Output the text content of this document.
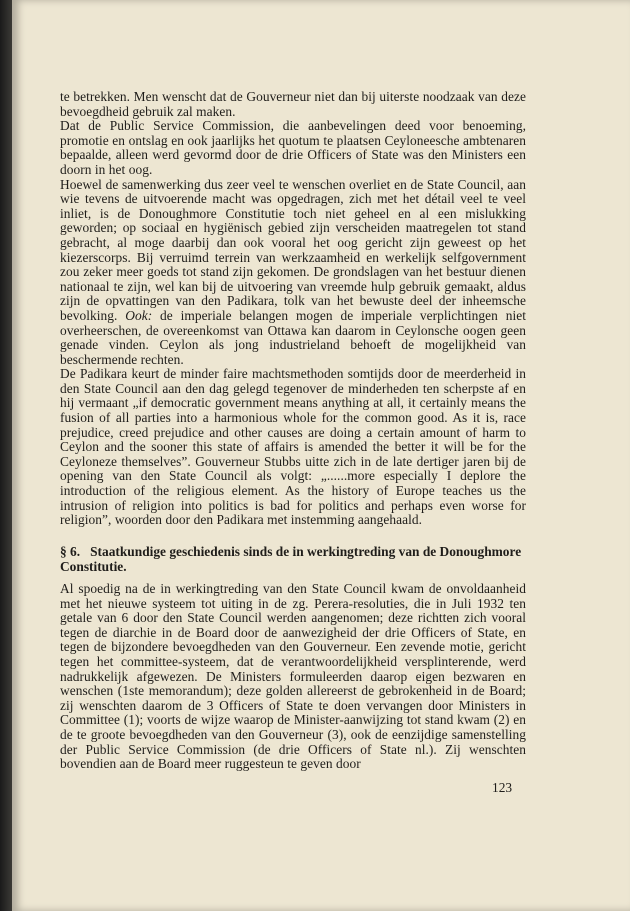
te betrekken. Men wenscht dat de Gouverneur niet dan bij uiterste noodzaak van deze bevoegdheid gebruik zal maken.

Dat de Public Service Commission, die aanbevelingen deed voor benoeming, promotie en ontslag en ook jaarlijks het quotum te plaatsen Ceyloneesche ambtenaren bepaalde, alleen werd gevormd door de drie Officers of State was den Ministers een doorn in het oog.

Hoewel de samenwerking dus zeer veel te wenschen overliet en de State Council, aan wie tevens de uitvoerende macht was opgedragen, zich met het détail veel te veel inliet, is de Donoughmore Constitutie toch niet geheel en al een mislukking geworden; op sociaal en hygiënisch gebied zijn verscheiden maatregelen tot stand gebracht, al moge daarbij dan ook vooral het oog gericht zijn geweest op het kiezerscorps. Bij verruimd terrein van werkzaamheid en werkelijk selfgovernment zou zeker meer goeds tot stand zijn gekomen. De grondslagen van het bestuur dienen nationaal te zijn, wel kan bij de uitvoering van vreemde hulp gebruik gemaakt, aldus zijn de opvattingen van den Padikara, tolk van het bewuste deel der inheemsche bevolking. Ook: de imperiale belangen mogen de imperiale verplichtingen niet overheerschen, de overeenkomst van Ottawa kan daarom in Ceylonsche oogen geen genade vinden. Ceylon als jong industrieland behoeft de mogelijkheid van beschermende rechten.

De Padikara keurt de minder faire machtsmethoden somtijds door de meerderheid in den State Council aan den dag gelegd tegenover de minderheden ten scherpste af en hij vermaant „if democratic government means anything at all, it certainly means the fusion of all parties into a harmonious whole for the common good. As it is, race prejudice, creed prejudice and other causes are doing a certain amount of harm to Ceylon and the sooner this state of affairs is amended the better it will be for the Ceyloneze themselves”. Gouverneur Stubbs uitte zich in de late dertiger jaren bij de opening van den State Council als volgt: „......more especially I deplore the introduction of the religious element. As the history of Europe teaches us the intrusion of religion into politics is bad for politics and perhaps even worse for religion”, woorden door den Padikara met instemming aangehaald.

§ 6. Staatkundige geschiedenis sinds de in werkingtreding van de Donoughmore Constitutie.

Al spoedig na de in werkingtreding van den State Council kwam de onvoldaanheid met het nieuwe systeem tot uiting in de zg. Perera-resoluties, die in Juli 1932 ten getale van 6 door den State Council werden aangenomen; deze richtten zich vooral tegen de diarchie in de Board door de aanwezigheid der drie Officers of State, en tegen de bijzondere bevoegdheden van den Gouverneur. Een zevende motie, gericht tegen het committee-systeem, dat de verantwoordelijkheid versplinterende, werd nadrukkelijk afgewezen. De Ministers formuleerden daarop eigen bezwaren en wenschen (1ste memorandum); deze golden allereerst de gebrokenheid in de Board; zij wenschten daarom de 3 Officers of State te doen vervangen door Ministers in Committee (1); voorts de wijze waarop de Minister-aanwijzing tot stand kwam (2) en de te groote bevoegdheden van den Gouverneur (3), ook de eenzijdige samenstelling der Public Service Commission (de drie Officers of State nl.). Zij wenschten bovendien aan de Board meer ruggesteun te geven door

123
